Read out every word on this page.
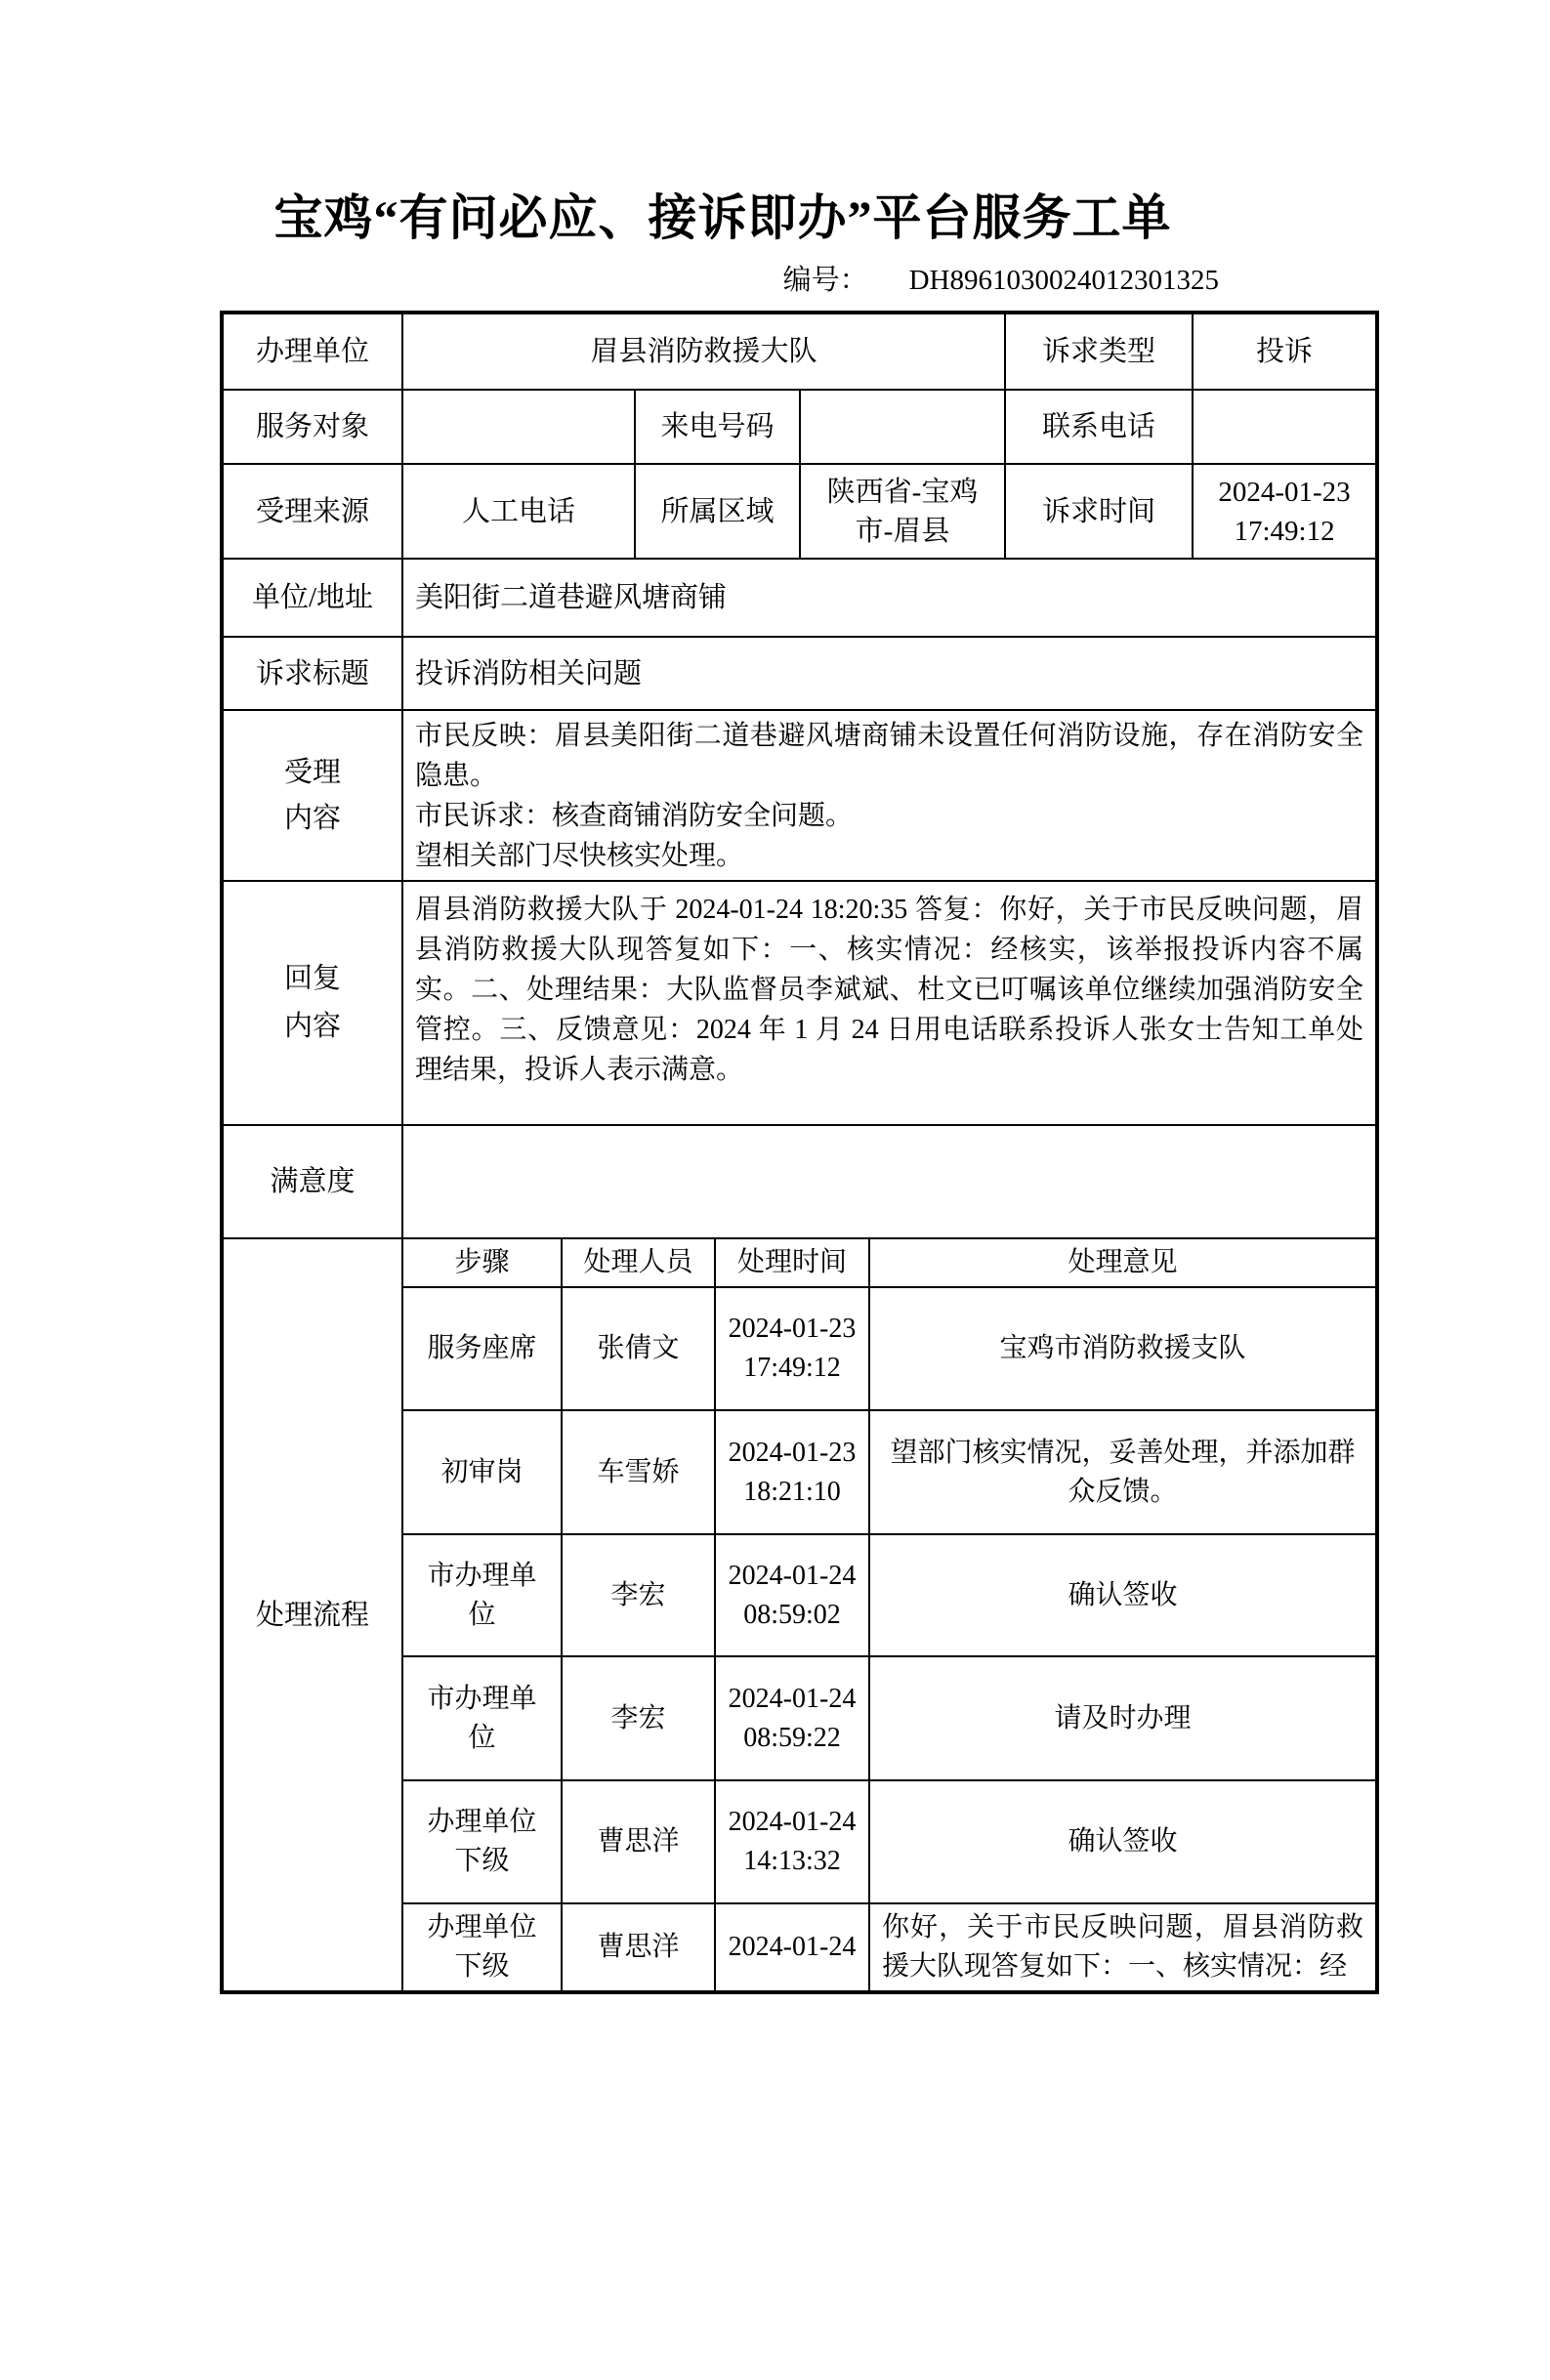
宝鸡“有问必应、接诉即办”平台服务工单
编号： DH8961030024012301325
办理单位	眉县消防救援大队						诉求类型	投诉
服务对象			来电号码				联系电话	
受理来源	人工电话		所属区域		陕西省-宝鸡市-眉县		诉求时间	2024-01-23 17:49:12
单位/地址	美阳街二道巷避风塘商铺							
诉求标题	投诉消防相关问题							

受理内容	市民反映：眉县美阳街二道巷避风塘商铺未设置任何消防设施，存在消防安全隐患。
市民诉求：核查商铺消防安全问题。
望相关部门尽快核实处理。							

回复内容	眉县消防救援大队于 2024-01-24 18:20:35 答复：你好，关于市民反映问题，眉县消防救援大队现答复如下：一、核实情况：经核实，该举报投诉内容不属实。二、处理结果：大队监督员李斌斌、杜文已叮嘱该单位继续加强消防安全管控。三、反馈意见：2024 年 1 月 24 日用电话联系投诉人张女士告知工单处理结果，投诉人表示满意。							
满意度								
处理流程	步骤	处理人员		处理时间		处理意见		
	服务座席	张倩文		2024-01-23 17:49:12		宝鸡市消防救援支队		
	初审岗	车雪娇		2024-01-23 18:21:10		望部门核实情况，妥善处理，并添加群众反馈。		
	市办理单位	李宏		2024-01-24 08:59:02		确认签收		
	市办理单位	李宏		2024-01-24 08:59:22		请及时办理		
	办理单位下级	曹思洋		2024-01-24 14:13:32		确认签收		
	办理单位下级	曹思洋		2024-01-24		你好，关于市民反映问题，眉县消防救援大队现答复如下：一、核实情况：经		
